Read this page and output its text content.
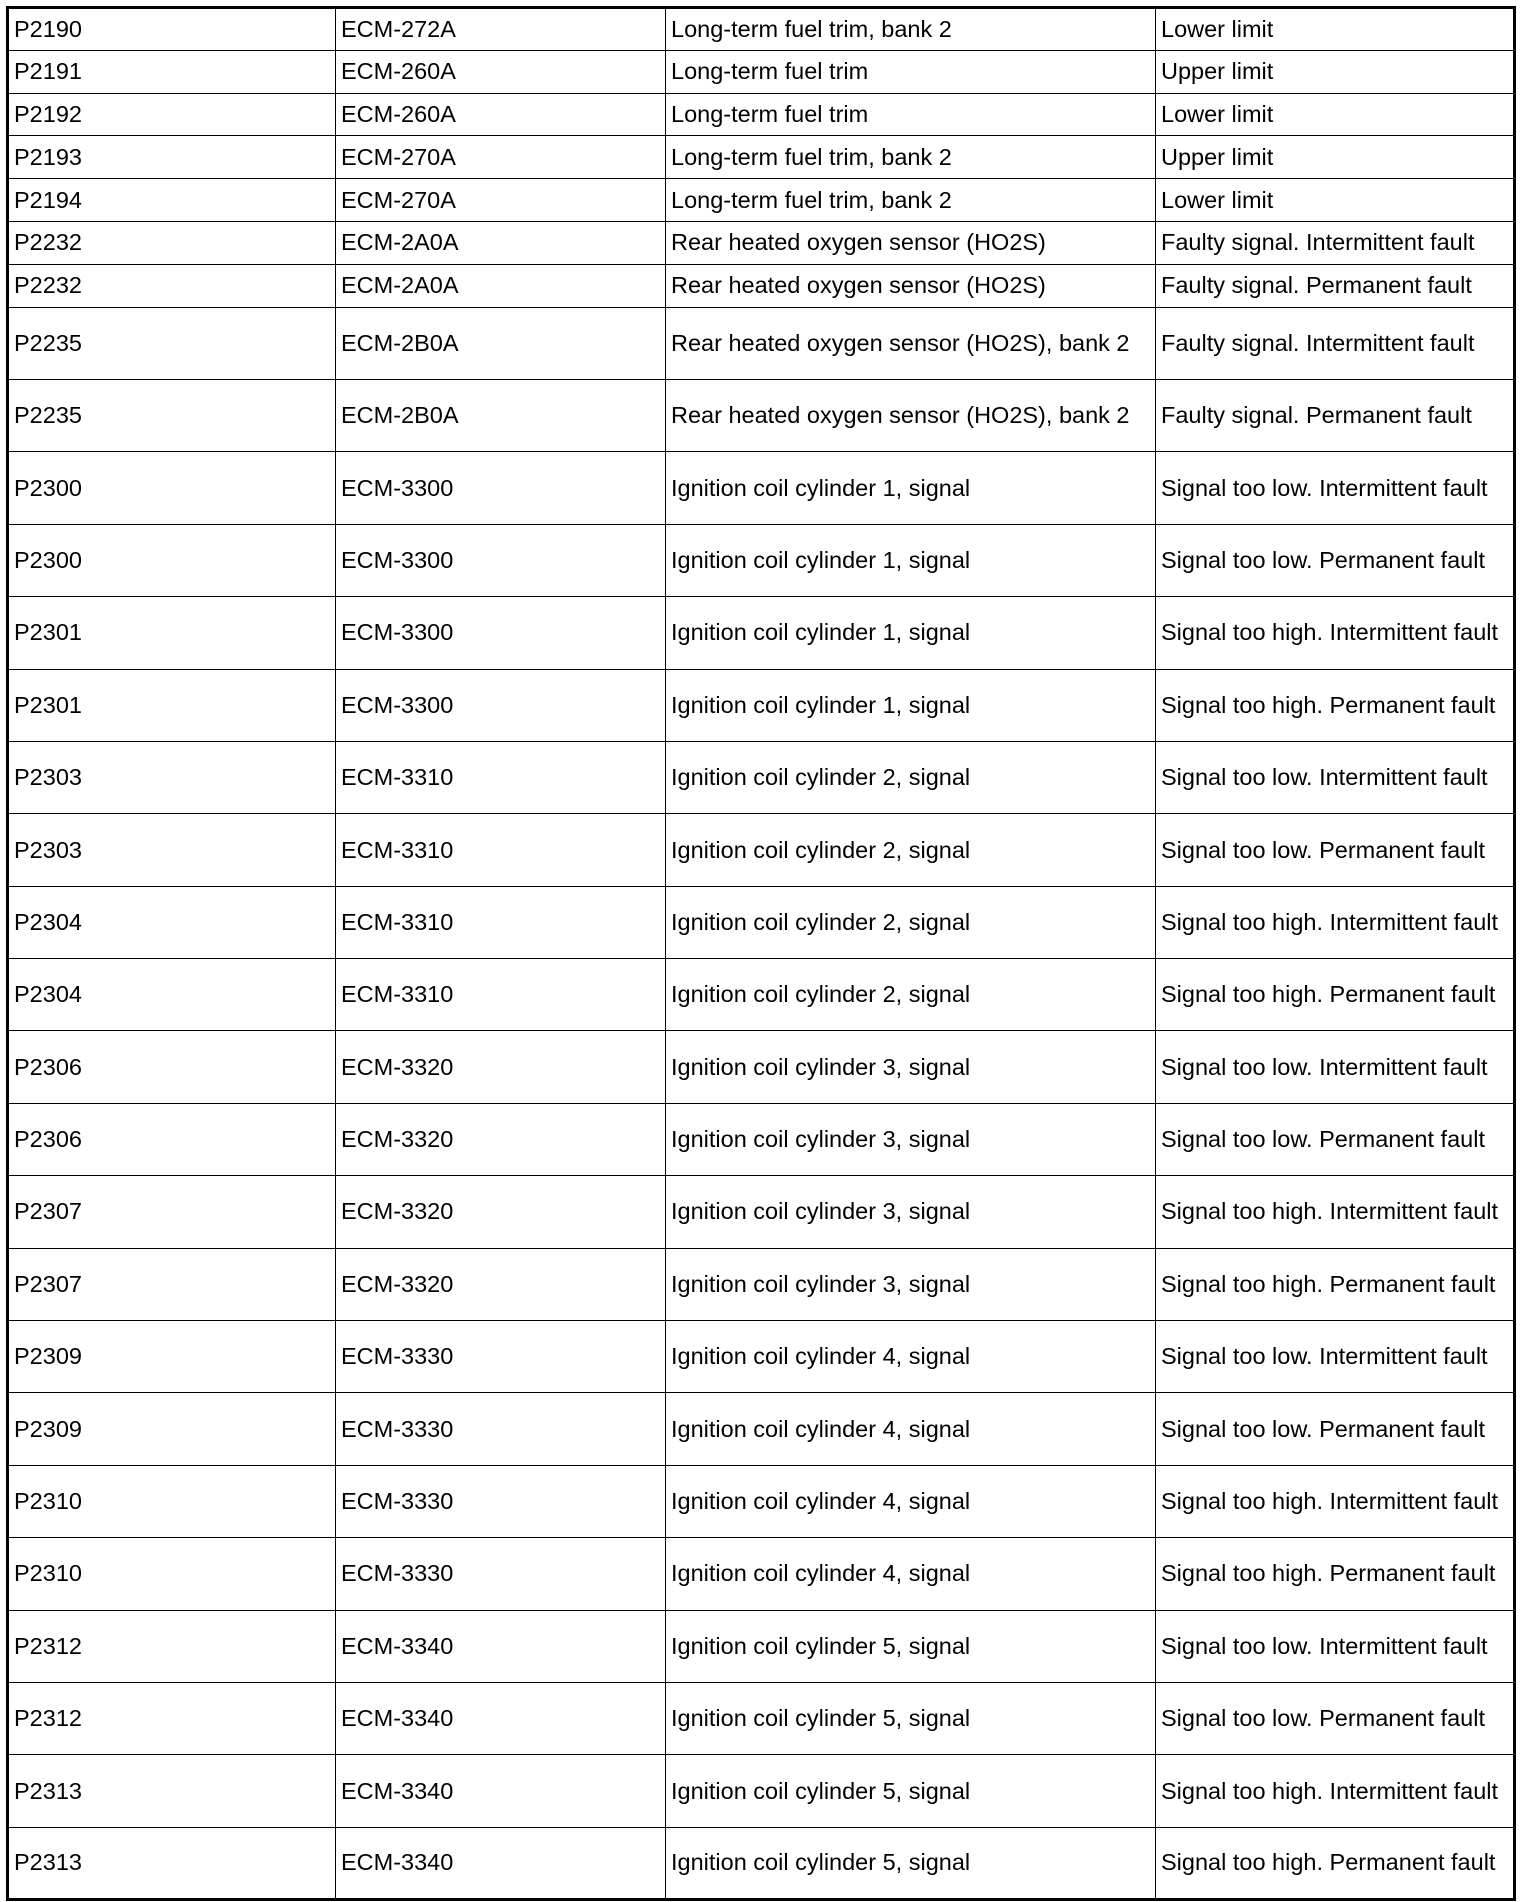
P2190	ECM-272A	Long-term fuel trim, bank 2	Lower limit
P2191	ECM-260A	Long-term fuel trim	Upper limit
P2192	ECM-260A	Long-term fuel trim	Lower limit
P2193	ECM-270A	Long-term fuel trim, bank 2	Upper limit
P2194	ECM-270A	Long-term fuel trim, bank 2	Lower limit
P2232	ECM-2A0A	Rear heated oxygen sensor (HO2S)	Faulty signal. Intermittent fault
P2232	ECM-2A0A	Rear heated oxygen sensor (HO2S)	Faulty signal. Permanent fault
P2235	ECM-2B0A	Rear heated oxygen sensor (HO2S), bank 2	Faulty signal. Intermittent fault
P2235	ECM-2B0A	Rear heated oxygen sensor (HO2S), bank 2	Faulty signal. Permanent fault
P2300	ECM-3300	Ignition coil cylinder 1, signal	Signal too low. Intermittent fault
P2300	ECM-3300	Ignition coil cylinder 1, signal	Signal too low. Permanent fault
P2301	ECM-3300	Ignition coil cylinder 1, signal	Signal too high. Intermittent fault
P2301	ECM-3300	Ignition coil cylinder 1, signal	Signal too high. Permanent fault
P2303	ECM-3310	Ignition coil cylinder 2, signal	Signal too low. Intermittent fault
P2303	ECM-3310	Ignition coil cylinder 2, signal	Signal too low. Permanent fault
P2304	ECM-3310	Ignition coil cylinder 2, signal	Signal too high. Intermittent fault
P2304	ECM-3310	Ignition coil cylinder 2, signal	Signal too high. Permanent fault
P2306	ECM-3320	Ignition coil cylinder 3, signal	Signal too low. Intermittent fault
P2306	ECM-3320	Ignition coil cylinder 3, signal	Signal too low. Permanent fault
P2307	ECM-3320	Ignition coil cylinder 3, signal	Signal too high. Intermittent fault
P2307	ECM-3320	Ignition coil cylinder 3, signal	Signal too high. Permanent fault
P2309	ECM-3330	Ignition coil cylinder 4, signal	Signal too low. Intermittent fault
P2309	ECM-3330	Ignition coil cylinder 4, signal	Signal too low. Permanent fault
P2310	ECM-3330	Ignition coil cylinder 4, signal	Signal too high. Intermittent fault
P2310	ECM-3330	Ignition coil cylinder 4, signal	Signal too high. Permanent fault
P2312	ECM-3340	Ignition coil cylinder 5, signal	Signal too low. Intermittent fault
P2312	ECM-3340	Ignition coil cylinder 5, signal	Signal too low. Permanent fault
P2313	ECM-3340	Ignition coil cylinder 5, signal	Signal too high. Intermittent fault
P2313	ECM-3340	Ignition coil cylinder 5, signal	Signal too high. Permanent fault
